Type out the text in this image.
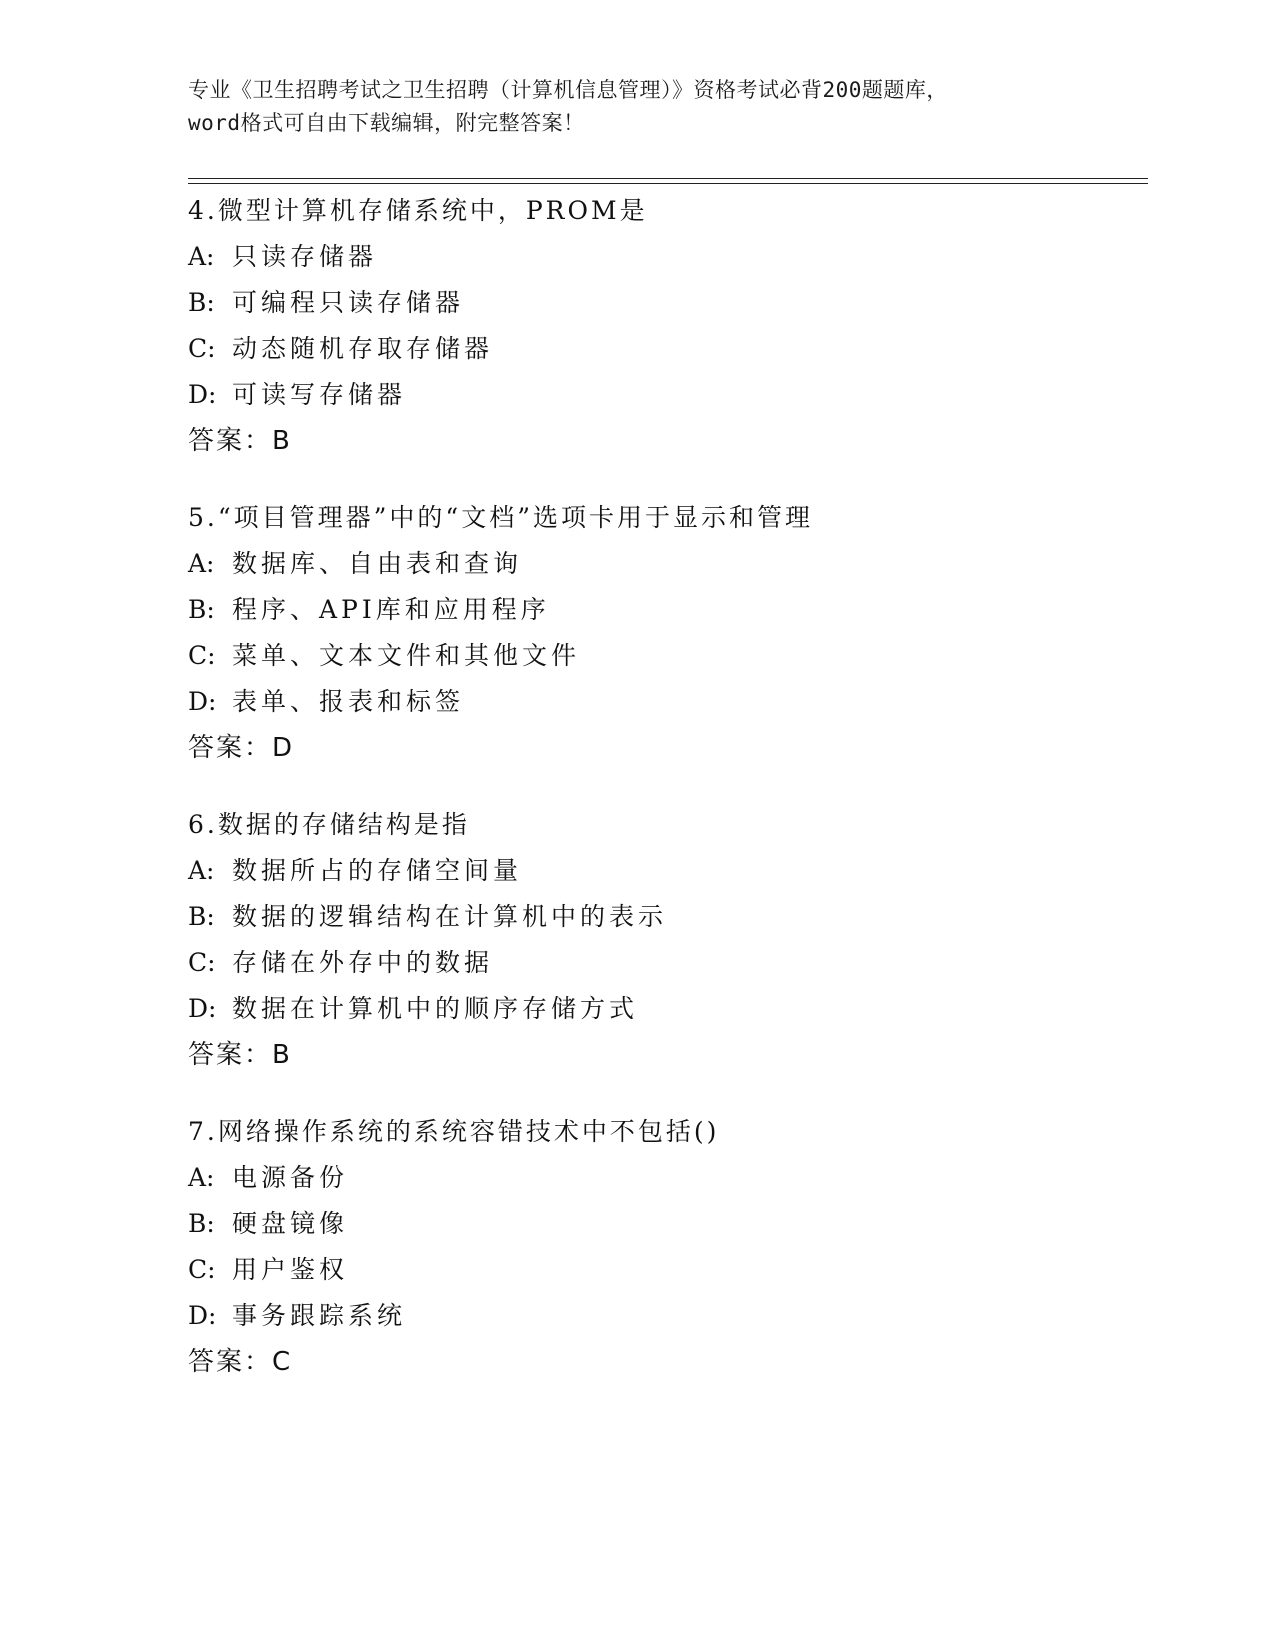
专业《卫生招聘考试之卫生招聘（计算机信息管理）》资格考试必背200题题库，
word格式可自由下载编辑，附完整答案！
4.微型计算机存储系统中，PROM是
A: 只读存储器
B: 可编程只读存储器
C: 动态随机存取存储器
D: 可读写存储器
答案：B
5.“项目管理器”中的“文档”选项卡用于显示和管理
A: 数据库、自由表和查询
B: 程序、API库和应用程序
C: 菜单、文本文件和其他文件
D: 表单、报表和标签
答案：D
6.数据的存储结构是指
A: 数据所占的存储空间量
B: 数据的逻辑结构在计算机中的表示
C: 存储在外存中的数据
D: 数据在计算机中的顺序存储方式
答案：B
7.网络操作系统的系统容错技术中不包括()
A: 电源备份
B: 硬盘镜像
C: 用户鉴权
D: 事务跟踪系统
答案：C
